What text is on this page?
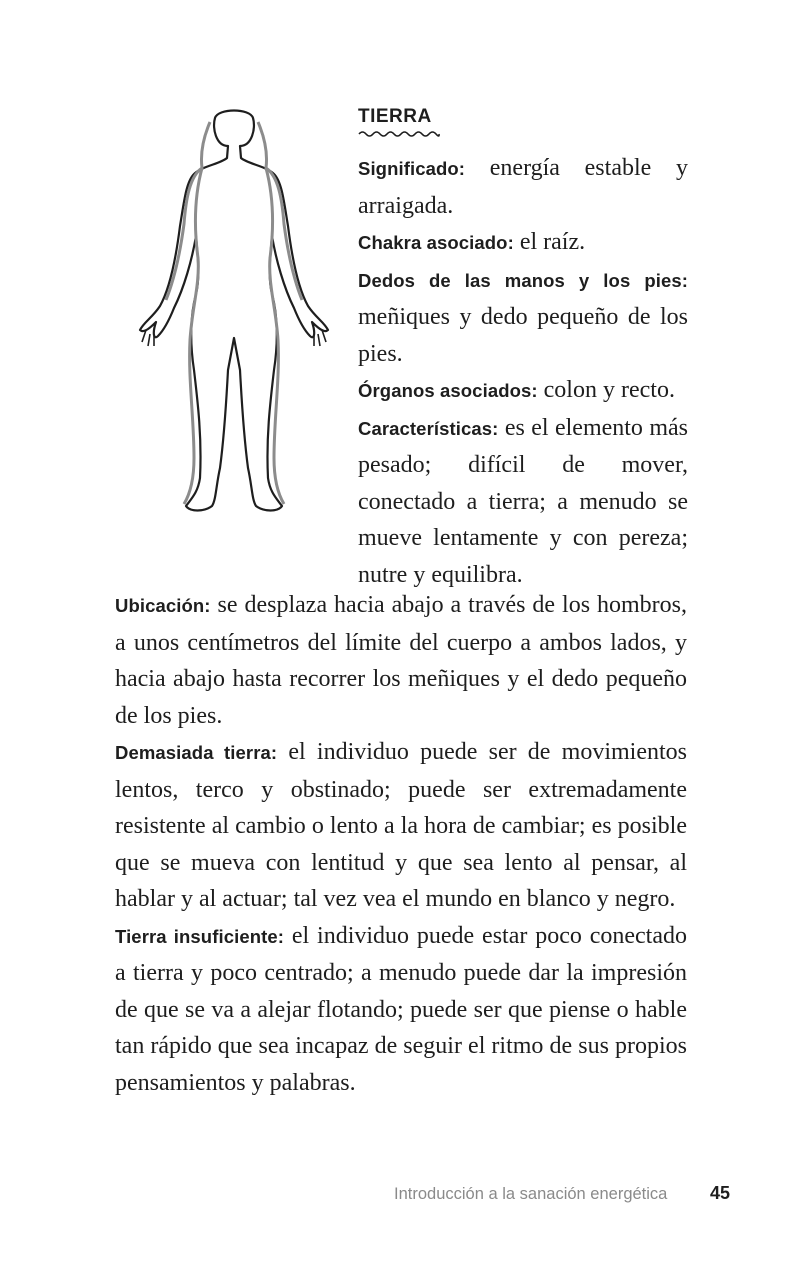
TIERRA

Significado: energía estable y arraigada.

Chakra asociado: el raíz.

Dedos de las manos y los pies: meñiques y dedo pequeño de los pies.

Órganos asociados: colon y recto.

Características: es el elemento más pesado; difícil de mover, conectado a tierra; a menudo se mueve lentamente y con pereza; nutre y equilibra.

Ubicación: se desplaza hacia abajo a través de los hombros, a unos centímetros del límite del cuerpo a ambos lados, y hacia abajo hasta recorrer los meñiques y el dedo pequeño de los pies.

Demasiada tierra: el individuo puede ser de movimientos lentos, terco y obstinado; puede ser extremadamente resistente al cambio o lento a la hora de cambiar; es posible que se mueva con lentitud y que sea lento al pensar, al hablar y al actuar; tal vez vea el mundo en blanco y negro.

Tierra insuficiente: el individuo puede estar poco conectado a tierra y poco centrado; a menudo puede dar la impresión de que se va a alejar flotando; puede ser que piense o hable tan rápido que sea incapaz de seguir el ritmo de sus propios pensamientos y palabras.

Introducción a la sanación energética 45
